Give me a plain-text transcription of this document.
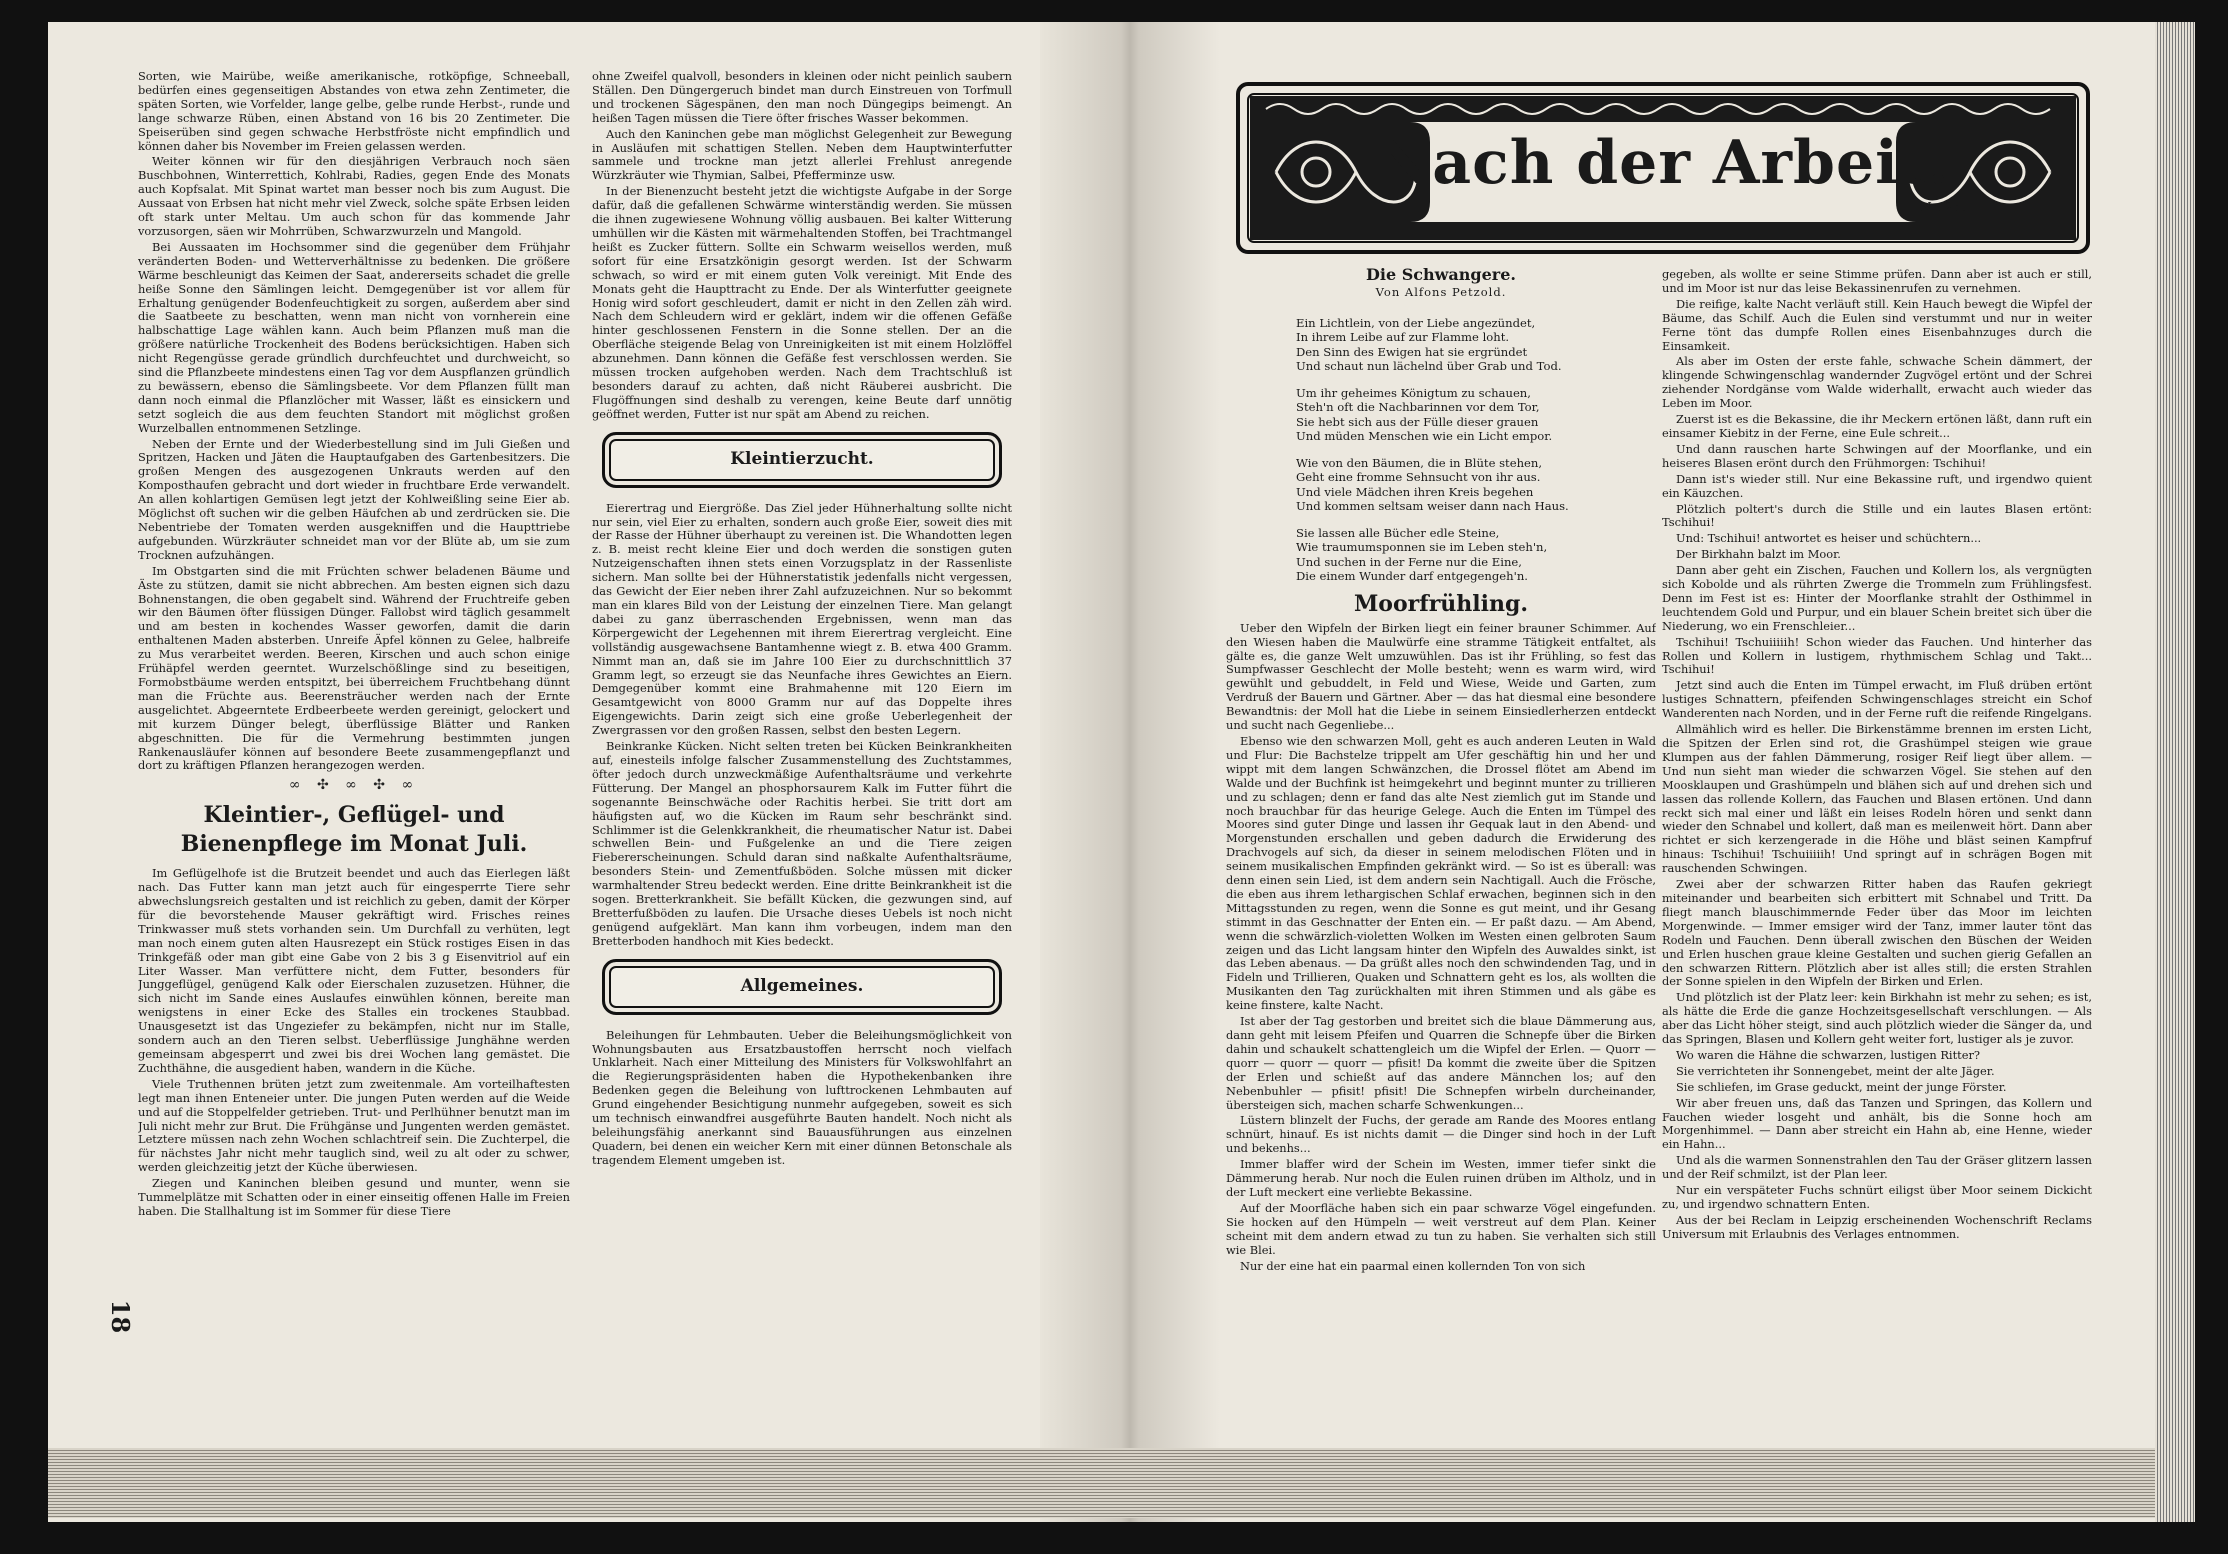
18

Sorten, wie Mairübe, weiße amerikanische, rotköpfige, Schneeball, bedürfen eines gegenseitigen Abstandes von etwa zehn Zentimeter, die späten Sorten, wie Vorfelder, lange gelbe, gelbe runde Herbst-, runde und lange schwarze Rüben, einen Abstand von 16 bis 20 Zentimeter. Die Speiserüben sind gegen schwache Herbstfröste nicht empfindlich und können daher bis November im Freien gelassen werden.

Weiter können wir für den diesjährigen Verbrauch noch säen Buschbohnen, Winterrettich, Kohlrabi, Radies, gegen Ende des Monats auch Kopfsalat. Mit Spinat wartet man besser noch bis zum August. Die Aussaat von Erbsen hat nicht mehr viel Zweck, solche späte Erbsen leiden oft stark unter Meltau. Um auch schon für das kommende Jahr vorzusorgen, säen wir Mohrrüben, Schwarzwurzeln und Mangold.

Bei Aussaaten im Hochsommer sind die gegenüber dem Frühjahr veränderten Boden- und Wetterverhältnisse zu bedenken. Die größere Wärme beschleunigt das Keimen der Saat, andererseits schadet die grelle heiße Sonne den Sämlingen leicht. Demgegenüber ist vor allem für Erhaltung genügender Bodenfeuchtigkeit zu sorgen, außerdem aber sind die Saatbeete zu beschatten, wenn man nicht von vornherein eine halbschattige Lage wählen kann. Auch beim Pflanzen muß man die größere natürliche Trockenheit des Bodens berücksichtigen. Haben sich nicht Regengüsse gerade gründlich durchfeuchtet und durchweicht, so sind die Pflanzbeete mindestens einen Tag vor dem Auspflanzen gründlich zu bewässern, ebenso die Sämlingsbeete. Vor dem Pflanzen füllt man dann noch einmal die Pflanzlöcher mit Wasser, läßt es einsickern und setzt sogleich die aus dem feuchten Standort mit möglichst großen Wurzelballen entnommenen Setzlinge.

Neben der Ernte und der Wiederbestellung sind im Juli Gießen und Spritzen, Hacken und Jäten die Hauptaufgaben des Gartenbesitzers. Die großen Mengen des ausgezogenen Unkrauts werden auf den Komposthaufen gebracht und dort wieder in fruchtbare Erde verwandelt. An allen kohlartigen Gemüsen legt jetzt der Kohlweißling seine Eier ab. Möglichst oft suchen wir die gelben Häufchen ab und zerdrücken sie. Die Nebentriebe der Tomaten werden ausgekniffen und die Haupttriebe aufgebunden. Würzkräuter schneidet man vor der Blüte ab, um sie zum Trocknen aufzuhängen.

Im Obstgarten sind die mit Früchten schwer beladenen Bäume und Äste zu stützen, damit sie nicht abbrechen. Am besten eignen sich dazu Bohnenstangen, die oben gegabelt sind. Während der Fruchtreife geben wir den Bäumen öfter flüssigen Dünger. Fallobst wird täglich gesammelt und am besten in kochendes Wasser geworfen, damit die darin enthaltenen Maden absterben. Unreife Äpfel können zu Gelee, halbreife zu Mus verarbeitet werden. Beeren, Kirschen und auch schon einige Frühäpfel werden geerntet. Wurzelschößlinge sind zu beseitigen, Formobstbäume werden entspitzt, bei überreichem Fruchtbehang dünnt man die Früchte aus. Beerensträucher werden nach der Ernte ausgelichtet. Abgeerntete Erdbeerbeete werden gereinigt, gelockert und mit kurzem Dünger belegt, überflüssige Blätter und Ranken abgeschnitten. Die für die Vermehrung bestimmten jungen Rankenausläufer können auf besondere Beete zusammengepflanzt und dort zu kräftigen Pflanzen herangezogen werden.

∞ ✣ ∞ ✣ ∞
Kleintier-, Geflügel- und Bienenpflege im Monat Juli.

Im Geflügelhofe ist die Brutzeit beendet und auch das Eierlegen läßt nach. Das Futter kann man jetzt auch für eingesperrte Tiere sehr abwechslungsreich gestalten und ist reichlich zu geben, damit der Körper für die bevorstehende Mauser gekräftigt wird. Frisches reines Trinkwasser muß stets vorhanden sein. Um Durchfall zu verhüten, legt man noch einem guten alten Hausrezept ein Stück rostiges Eisen in das Trinkgefäß oder man gibt eine Gabe von 2 bis 3 g Eisenvitriol auf ein Liter Wasser. Man verfüttere nicht, dem Futter, besonders für Junggeflügel, genügend Kalk oder Eierschalen zuzusetzen. Hühner, die sich nicht im Sande eines Auslaufes einwühlen können, bereite man wenigstens in einer Ecke des Stalles ein trockenes Staubbad. Unausgesetzt ist das Ungeziefer zu bekämpfen, nicht nur im Stalle, sondern auch an den Tieren selbst. Ueberflüssige Junghähne werden gemeinsam abgesperrt und zwei bis drei Wochen lang gemästet. Die Zuchthähne, die ausgedient haben, wandern in die Küche.

Viele Truthennen brüten jetzt zum zweitenmale. Am vorteilhaftesten legt man ihnen Enteneier unter. Die jungen Puten werden auf die Weide und auf die Stoppelfelder getrieben. Trut- und Perlhühner benutzt man im Juli nicht mehr zur Brut. Die Frühgänse und Jungenten werden gemästet. Letztere müssen nach zehn Wochen schlachtreif sein. Die Zuchterpel, die für nächstes Jahr nicht mehr tauglich sind, weil zu alt oder zu schwer, werden gleichzeitig jetzt der Küche überwiesen.

Ziegen und Kaninchen bleiben gesund und munter, wenn sie Tummelplätze mit Schatten oder in einer einseitig offenen Halle im Freien haben. Die Stallhaltung ist im Sommer für diese Tiere

ohne Zweifel qualvoll, besonders in kleinen oder nicht peinlich saubern Ställen. Den Düngergeruch bindet man durch Einstreuen von Torfmull und trockenen Sägespänen, den man noch Düngegips beimengt. An heißen Tagen müssen die Tiere öfter frisches Wasser bekommen.

Auch den Kaninchen gebe man möglichst Gelegenheit zur Bewegung in Ausläufen mit schattigen Stellen. Neben dem Hauptwinterfutter sammele und trockne man jetzt allerlei Frehlust anregende Würzkräuter wie Thymian, Salbei, Pfefferminze usw.

In der Bienenzucht besteht jetzt die wichtigste Aufgabe in der Sorge dafür, daß die gefallenen Schwärme winterständig werden. Sie müssen die ihnen zugewiesene Wohnung völlig ausbauen. Bei kalter Witterung umhüllen wir die Kästen mit wärmehaltenden Stoffen, bei Trachtmangel heißt es Zucker füttern. Sollte ein Schwarm weisellos werden, muß sofort für eine Ersatzkönigin gesorgt werden. Ist der Schwarm schwach, so wird er mit einem guten Volk vereinigt. Mit Ende des Monats geht die Haupttracht zu Ende. Der als Winterfutter geeignete Honig wird sofort geschleudert, damit er nicht in den Zellen zäh wird. Nach dem Schleudern wird er geklärt, indem wir die offenen Gefäße hinter geschlossenen Fenstern in die Sonne stellen. Der an die Oberfläche steigende Belag von Unreinigkeiten ist mit einem Holzlöffel abzunehmen. Dann können die Gefäße fest verschlossen werden. Sie müssen trocken aufgehoben werden. Nach dem Trachtschluß ist besonders darauf zu achten, daß nicht Räuberei ausbricht. Die Flugöffnungen sind deshalb zu verengen, keine Beute darf unnötig geöffnet werden, Futter ist nur spät am Abend zu reichen.

Kleintierzucht.

Eierertrag und Eiergröße. Das Ziel jeder Hühnerhaltung sollte nicht nur sein, viel Eier zu erhalten, sondern auch große Eier, soweit dies mit der Rasse der Hühner überhaupt zu vereinen ist. Die Whandotten legen z. B. meist recht kleine Eier und doch werden die sonstigen guten Nutzeigenschaften ihnen stets einen Vorzugsplatz in der Rassenliste sichern. Man sollte bei der Hühnerstatistik jedenfalls nicht vergessen, das Gewicht der Eier neben ihrer Zahl aufzuzeichnen. Nur so bekommt man ein klares Bild von der Leistung der einzelnen Tiere. Man gelangt dabei zu ganz überraschenden Ergebnissen, wenn man das Körpergewicht der Legehennen mit ihrem Eierertrag vergleicht. Eine vollständig ausgewachsene Bantamhenne wiegt z. B. etwa 400 Gramm. Nimmt man an, daß sie im Jahre 100 Eier zu durchschnittlich 37 Gramm legt, so erzeugt sie das Neunfache ihres Gewichtes an Eiern. Demgegenüber kommt eine Brahmahenne mit 120 Eiern im Gesamtgewicht von 8000 Gramm nur auf das Doppelte ihres Eigengewichts. Darin zeigt sich eine große Ueberlegenheit der Zwergrassen vor den großen Rassen, selbst den besten Legern.

Beinkranke Kücken. Nicht selten treten bei Kücken Beinkrankheiten auf, einesteils infolge falscher Zusammenstellung des Zuchtstammes, öfter jedoch durch unzweckmäßige Aufenthaltsräume und verkehrte Fütterung. Der Mangel an phosphorsaurem Kalk im Futter führt die sogenannte Beinschwäche oder Rachitis herbei. Sie tritt dort am häufigsten auf, wo die Kücken im Raum sehr beschränkt sind. Schlimmer ist die Gelenkkrankheit, die rheumatischer Natur ist. Dabei schwellen Bein- und Fußgelenke an und die Tiere zeigen Fiebererscheinungen. Schuld daran sind naßkalte Aufenthaltsräume, besonders Stein- und Zementfußböden. Solche müssen mit dicker warmhaltender Streu bedeckt werden. Eine dritte Beinkrankheit ist die sogen. Bretterkrankheit. Sie befällt Kücken, die gezwungen sind, auf Bretterfußböden zu laufen. Die Ursache dieses Uebels ist noch nicht genügend aufgeklärt. Man kann ihm vorbeugen, indem man den Bretterboden handhoch mit Kies bedeckt.

Allgemeines.

Beleihungen für Lehmbauten. Ueber die Beleihungsmöglichkeit von Wohnungsbauten aus Ersatzbaustoffen herrscht noch vielfach Unklarheit. Nach einer Mitteilung des Ministers für Volkswohlfahrt an die Regierungspräsidenten haben die Hypothekenbanken ihre Bedenken gegen die Beleihung von lufttrockenen Lehmbauten auf Grund eingehender Besichtigung nunmehr aufgegeben, soweit es sich um technisch einwandfrei ausgeführte Bauten handelt. Noch nicht als beleihungsfähig anerkannt sind Bauausführungen aus einzelnen Quadern, bei denen ein weicher Kern mit einer dünnen Betonschale als tragendem Element umgeben ist.

Nach der Arbeit.
Nr. 25.
Die Schwangere.
Von Alfons Petzold.
Ein Lichtlein, von der Liebe angezündet,
In ihrem Leibe auf zur Flamme loht.
Den Sinn des Ewigen hat sie ergründet
Und schaut nun lächelnd über Grab und Tod.
Um ihr geheimes Königtum zu schauen,
Steh'n oft die Nachbarinnen vor dem Tor,
Sie hebt sich aus der Fülle dieser grauen
Und müden Menschen wie ein Licht empor.
Wie von den Bäumen, die in Blüte stehen,
Geht eine fromme Sehnsucht von ihr aus.
Und viele Mädchen ihren Kreis begehen
Und kommen seltsam weiser dann nach Haus.
Sie lassen alle Bücher edle Steine,
Wie traumumsponnen sie im Leben steh'n,
Und suchen in der Ferne nur die Eine,
Die einem Wunder darf entgegengeh'n.
Moorfrühling.

Ueber den Wipfeln der Birken liegt ein feiner brauner Schimmer. Auf den Wiesen haben die Maulwürfe eine stramme Tätigkeit entfaltet, als gälte es, die ganze Welt umzuwühlen. Das ist ihr Frühling, so fest das Sumpfwasser Geschlecht der Molle besteht; wenn es warm wird, wird gewühlt und gebuddelt, in Feld und Wiese, Weide und Garten, zum Verdruß der Bauern und Gärtner. Aber — das hat diesmal eine besondere Bewandtnis: der Moll hat die Liebe in seinem Einsiedlerherzen entdeckt und sucht nach Gegenliebe...

Ebenso wie den schwarzen Moll, geht es auch anderen Leuten in Wald und Flur: Die Bachstelze trippelt am Ufer geschäftig hin und her und wippt mit dem langen Schwänzchen, die Drossel flötet am Abend im Walde und der Buchfink ist heimgekehrt und beginnt munter zu trillieren und zu schlagen; denn er fand das alte Nest ziemlich gut im Stande und noch brauchbar für das heurige Gelege. Auch die Enten im Tümpel des Moores sind guter Dinge und lassen ihr Gequak laut in den Abend- und Morgenstunden erschallen und geben dadurch die Erwiderung des Drachvogels auf sich, da dieser in seinem melodischen Flöten und in seinem musikalischen Empfinden gekränkt wird. — So ist es überall: was denn einen sein Lied, ist dem andern sein Nachtigall. Auch die Frösche, die eben aus ihrem lethargischen Schlaf erwachen, beginnen sich in den Mittagsstunden zu regen, wenn die Sonne es gut meint, und ihr Gesang stimmt in das Geschnatter der Enten ein. — Er paßt dazu. — Am Abend, wenn die schwärzlich-violetten Wolken im Westen einen gelbroten Saum zeigen und das Licht langsam hinter den Wipfeln des Auwaldes sinkt, ist das Leben abenaus. — Da grüßt alles noch den schwindenden Tag, und in Fideln und Trillieren, Quaken und Schnattern geht es los, als wollten die Musikanten den Tag zurückhalten mit ihren Stimmen und als gäbe es keine finstere, kalte Nacht.

Ist aber der Tag gestorben und breitet sich die blaue Dämmerung aus, dann geht mit leisem Pfeifen und Quarren die Schnepfe über die Birken dahin und schaukelt schattengleich um die Wipfel der Erlen. — Quorr — quorr — quorr — quorr — pfisit! Da kommt die zweite über die Spitzen der Erlen und schießt auf das andere Männchen los; auf den Nebenbuhler — pfisit! pfisit! Die Schnepfen wirbeln durcheinander, übersteigen sich, machen scharfe Schwenkungen...

Lüstern blinzelt der Fuchs, der gerade am Rande des Moores entlang schnürt, hinauf. Es ist nichts damit — die Dinger sind hoch in der Luft und bekenhs...

Immer blaffer wird der Schein im Westen, immer tiefer sinkt die Dämmerung herab. Nur noch die Eulen ruinen drüben im Altholz, und in der Luft meckert eine verliebte Bekassine.

Auf der Moorfläche haben sich ein paar schwarze Vögel eingefunden. Sie hocken auf den Hümpeln — weit verstreut auf dem Plan. Keiner scheint mit dem andern etwad zu tun zu haben. Sie verhalten sich still wie Blei.

Nur der eine hat ein paarmal einen kollernden Ton von sich

gegeben, als wollte er seine Stimme prüfen. Dann aber ist auch er still, und im Moor ist nur das leise Bekassinenrufen zu vernehmen.

Die reifige, kalte Nacht verläuft still. Kein Hauch bewegt die Wipfel der Bäume, das Schilf. Auch die Eulen sind verstummt und nur in weiter Ferne tönt das dumpfe Rollen eines Eisenbahnzuges durch die Einsamkeit.

Als aber im Osten der erste fahle, schwache Schein dämmert, der klingende Schwingenschlag wandernder Zugvögel ertönt und der Schrei ziehender Nordgänse vom Walde widerhallt, erwacht auch wieder das Leben im Moor.

Zuerst ist es die Bekassine, die ihr Meckern ertönen läßt, dann ruft ein einsamer Kiebitz in der Ferne, eine Eule schreit...

Und dann rauschen harte Schwingen auf der Moorflanke, und ein heiseres Blasen erönt durch den Frühmorgen: Tschihui!

Dann ist's wieder still. Nur eine Bekassine ruft, und irgendwo quient ein Käuzchen.

Plötzlich poltert's durch die Stille und ein lautes Blasen ertönt: Tschihui!

Und: Tschihui! antwortet es heiser und schüchtern...

Der Birkhahn balzt im Moor.

Dann aber geht ein Zischen, Fauchen und Kollern los, als vergnügten sich Kobolde und als rührten Zwerge die Trommeln zum Frühlingsfest. Denn im Fest ist es: Hinter der Moorflanke strahlt der Osthimmel in leuchtendem Gold und Purpur, und ein blauer Schein breitet sich über die Niederung, wo ein Frenschleier...

Tschihui! Tschuiiiiih! Schon wieder das Fauchen. Und hinterher das Rollen und Kollern in lustigem, rhythmischem Schlag und Takt... Tschihui!

Jetzt sind auch die Enten im Tümpel erwacht, im Fluß drüben ertönt lustiges Schnattern, pfeifenden Schwingenschlages streicht ein Schof Wanderenten nach Norden, und in der Ferne ruft die reifende Ringelgans.

Allmählich wird es heller. Die Birkenstämme brennen im ersten Licht, die Spitzen der Erlen sind rot, die Grashümpel steigen wie graue Klumpen aus der fahlen Dämmerung, rosiger Reif liegt über allem. — Und nun sieht man wieder die schwarzen Vögel. Sie stehen auf den Moosklaupen und Grashümpeln und blähen sich auf und drehen sich und lassen das rollende Kollern, das Fauchen und Blasen ertönen. Und dann reckt sich mal einer und läßt ein leises Rodeln hören und senkt dann wieder den Schnabel und kollert, daß man es meilenweit hört. Dann aber richtet er sich kerzengerade in die Höhe und bläst seinen Kampfruf hinaus: Tschihui! Tschuiiiiih! Und springt auf in schrägen Bogen mit rauschenden Schwingen.

Zwei aber der schwarzen Ritter haben das Raufen gekriegt miteinander und bearbeiten sich erbittert mit Schnabel und Tritt. Da fliegt manch blauschimmernde Feder über das Moor im leichten Morgenwinde. — Immer emsiger wird der Tanz, immer lauter tönt das Rodeln und Fauchen. Denn überall zwischen den Büschen der Weiden und Erlen huschen graue kleine Gestalten und suchen gierig Gefallen an den schwarzen Rittern. Plötzlich aber ist alles still; die ersten Strahlen der Sonne spielen in den Wipfeln der Birken und Erlen.

Und plötzlich ist der Platz leer: kein Birkhahn ist mehr zu sehen; es ist, als hätte die Erde die ganze Hochzeitsgesellschaft verschlungen. — Als aber das Licht höher steigt, sind auch plötzlich wieder die Sänger da, und das Springen, Blasen und Kollern geht weiter fort, lustiger als je zuvor.

Wo waren die Hähne die schwarzen, lustigen Ritter?

Sie verrichteten ihr Sonnengebet, meint der alte Jäger.

Sie schliefen, im Grase geduckt, meint der junge Förster.

Wir aber freuen uns, daß das Tanzen und Springen, das Kollern und Fauchen wieder losgeht und anhält, bis die Sonne hoch am Morgenhimmel. — Dann aber streicht ein Hahn ab, eine Henne, wieder ein Hahn...

Und als die warmen Sonnenstrahlen den Tau der Gräser glitzern lassen und der Reif schmilzt, ist der Plan leer.

Nur ein verspäteter Fuchs schnürt eiligst über Moor seinem Dickicht zu, und irgendwo schnattern Enten.

Aus der bei Reclam in Leipzig erscheinenden Wochenschrift Reclams Universum mit Erlaubnis des Verlages entnommen.
